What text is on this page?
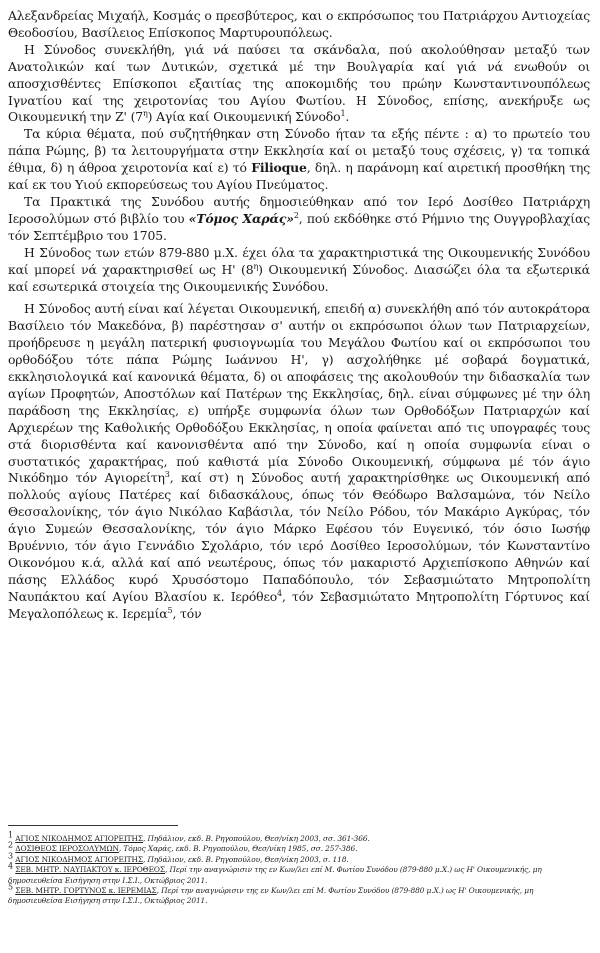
Αλεξανδρείας Μιχαήλ, Κοσμάς ο πρεσβύτερος, και ο εκπρόσωπος του Πατριάρχου Αντιοχείας Θεοδοσίου, Βασίλειος Επίσκοπος Μαρτυρουπόλεως.

Η Σύνοδος συνεκλήθη, γιά νά παύσει τα σκάνδαλα, πού ακολούθησαν μεταξύ των Ανατολικών καί των Δυτικών, σχετικά μέ την Βουλγαρία καί γιά νά ενωθούν οι αποσχισθέντες Επίσκοποι εξαιτίας της αποκομιδής του πρώην Κωνσταντινουπόλεως Ιγνατίου καί της χειροτονίας του Αγίου Φωτίου. Η Σύνοδος, επίσης, ανεκήρυξε ως Οικουμενική την Ζ' $(7^\eta)$ Αγία καί Οικουμενική Σύνοδο$^1$.

Τα κύρια θέματα, πού συζητήθηκαν στη Σύνοδο ήταν τα εξής πέντε : α) το πρωτείο του πάπα Ρώμης, β) τα λειτουργήματα στην Εκκλησία καί οι μεταξύ τους σχέσεις, γ) τα τοπικά έθιμα, δ) η άθροα χειροτονία καί ε) τό Filioque, δηλ. η παράνομη καί αιρετική προσθήκη της καί εκ του Υιού εκπορεύσεως του Αγίου Πνεύματος.

Τα Πρακτικά της Συνόδου αυτής δημοσιεύθηκαν από τον Ιερό Δοσίθεο Πατριάρχη Ιεροσολύμων στό βιβλίο του «Τόμος Χαράς»$^2$, πού εκδόθηκε στό Ρήμνιο της Ουγγροβλαχίας τόν Σεπτέμβριο του 1705.

Η Σύνοδος των ετών 879-880 μ.Χ. έχει όλα τα χαρακτηριστικά της Οικουμενικής Συνόδου καί μπορεί νά χαρακτηρισθεί ως Η' $(8^\eta)$ Οικουμενική Σύνοδος. Διασώζει όλα τα εξωτερικά καί εσωτερικά στοιχεία της Οικουμενικής Συνόδου.

Η Σύνοδος αυτή είναι καί λέγεται Οικουμενική, επειδή α) συνεκλήθη από τόν αυτοκράτορα Βασίλειο τόν Μακεδόνα, β) παρέστησαν σ' αυτήν οι εκπρόσωποι όλων των Πατριαρχείων, προήδρευσε η μεγάλη πατερική φυσιογνωμία του Μεγάλου Φωτίου καί οι εκπρόσωποι του ορθοδόξου τότε πάπα Ρώμης Ιωάννου Η', γ) ασχολήθηκε μέ σοβαρά δογματικά, εκκλησιολογικά καί κανονικά θέματα, δ) οι αποφάσεις της ακολουθούν την διδασκαλία των αγίων Προφητών, Αποστόλων καί Πατέρων της Εκκλησίας, δηλ. είναι σύμφωνες μέ την όλη παράδοση της Εκκλησίας, ε) υπήρξε συμφωνία όλων των Ορθοδόξων Πατριαρχών καί Αρχιερέων της Καθολικής Ορθοδόξου Εκκλησίας, η οποία φαίνεται από τις υπογραφές τους στά διορισθέντα καί κανονισθέντα από την Σύνοδο, καί η οποία συμφωνία είναι ο συστατικός χαρακτήρας, πού καθιστά μία Σύνοδο Οικουμενική, σύμφωνα μέ τόν άγιο Νικόδημο τόν Αγιορείτη$^3$, καί στ) η Σύνοδος αυτή χαρακτηρίσθηκε ως Οικουμενική από πολλούς αγίους Πατέρες καί διδασκάλους, όπως τόν Θεόδωρο Βαλσαμώνα, τόν Νείλο Θεσσαλονίκης, τόν άγιο Νικόλαο Καβάσιλα, τόν Νείλο Ρόδου, τόν Μακάριο Αγκύρας, τόν άγιο Συμεών Θεσσαλονίκης, τόν άγιο Μάρκο Εφέσου τόν Ευγενικό, τόν όσιο Ιωσήφ Βρυέννιο, τόν άγιο Γεννάδιο Σχολάριο, τόν ιερό Δοσίθεο Ιεροσολύμων, τόν Κωνσταντίνο Οικονόμου κ.ά, αλλά καί από νεωτέρους, όπως τόν μακαριστό Αρχιεπίσκοπο Αθηνών καί πάσης Ελλάδος κυρό Χρυσόστομο Παπαδόπουλο, τόν Σεβασμιώτατο Μητροπολίτη Ναυπάκτου καί Αγίου Βλασίου κ. Ιερόθεο$^4$, τόν Σεβασμιώτατο Μητροπολίτη Γόρτυνος καί Μεγαλοπόλεως κ. Ιερεμία$^5$, τόν

$^1$ ΑΓΙΟΣ ΝΙΚΟΔΗΜΟΣ ΑΓΙΟΡΕΙΤΗΣ, Πηδάλιον, εκδ. Β. Ρηγοπούλου, Θεσ/νίκη 2003, σσ. 361-366.

$^2$ ΔΟΣΙΘΕΟΣ ΙΕΡΟΣΟΛΥΜΩΝ, Τόμος Χαράς, εκδ. Β. Ρηγοπούλου, Θεσ/νίκη 1985, σσ. 257-386.

$^3$ ΑΓΙΟΣ ΝΙΚΟΔΗΜΟΣ ΑΓΙΟΡΕΙΤΗΣ, Πηδάλιον, εκδ. Β. Ρηγοπούλου, Θεσ/νίκη 2003, σ. 118.

$^4$ ΣΕΒ. ΜΗΤΡ. ΝΑΥΠΑΚΤΟΥ κ. ΙΕΡΟΘΕΟΣ, Περί την αναγνώρισιν της εν Κων/λει επί Μ. Φωτίου Συνόδου (879-880 μ.Χ.) ως Η' Οικουμενικής, μη δημοσιευθείσα Εισήγηση στην Ι.Σ.Ι., Οκτώβριος 2011.

$^5$ ΣΕΒ. ΜΗΤΡ. ΓΟΡΤΥΝΟΣ κ. ΙΕΡΕΜΙΑΣ, Περί την αναγνώρισιν της εν Κων/λει επί Μ. Φωτίου Συνόδου (879-880 μ.Χ.) ως Η' Οικουμενικής, μη δημοσιευθείσα Εισήγηση στην Ι.Σ.Ι., Οκτώβριος 2011.
